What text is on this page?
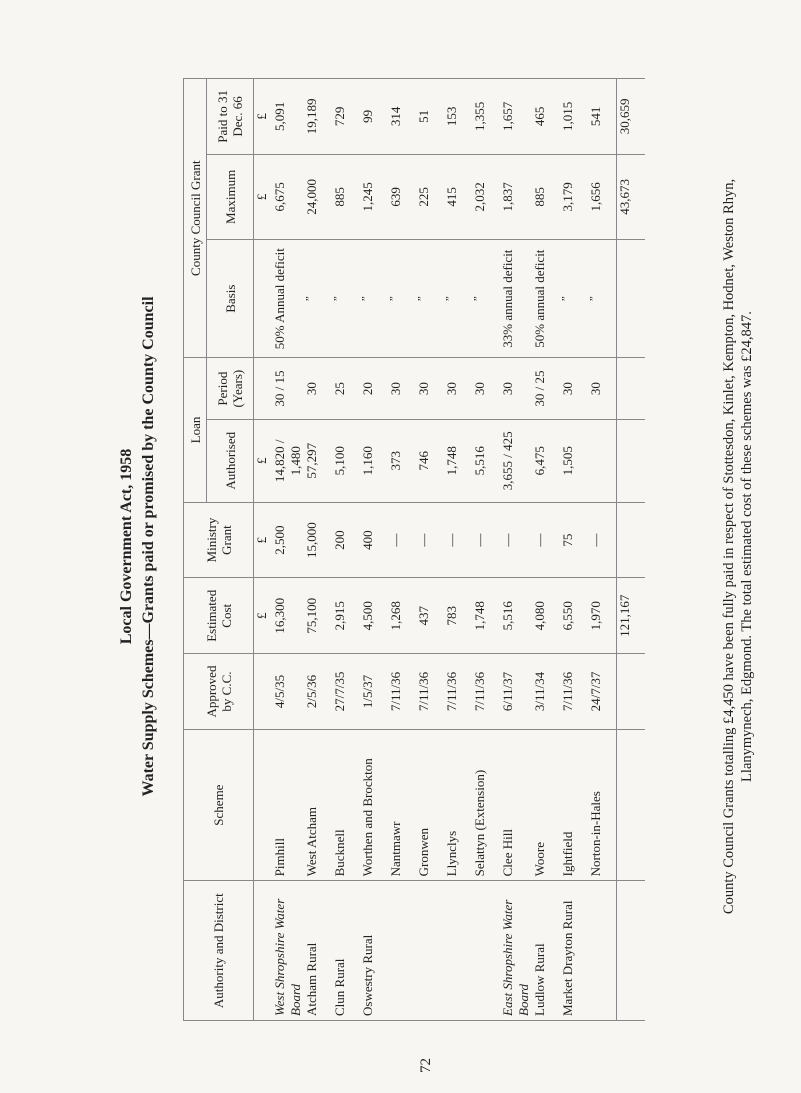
Local Government Act, 1958 Water Supply Schemes—Grants paid or promised by the County Council
Authority and District	Scheme	Approved by C.C.	Estimated Cost	Ministry Grant	Loan		County Council Grant		
					Authorised	Period (Years)	Basis	Maximum	Paid to 31 Dec. 66
			£	£	£			£	£
West Shropshire Water Board	Pimhill	4/5/35	16,300	2,500	14,820 / 1,480	30 / 15	50% Annual deficit	6,675	5,091
Atcham Rural	West Atcham	2/5/36	75,100	15,000	57,297	30	”	24,000	19,189
Clun Rural	Bucknell	27/7/35	2,915	200	5,100	25	”	885	729
Oswestry Rural	Worthen and Brockton	1/5/37	4,500	400	1,160	20	”	1,245	99
	Nantmawr	7/11/36	1,268	—	373	30	”	639	314
	Gronwen	7/11/36	437	—	746	30	”	225	51
	Llynclys	7/11/36	783	—	1,748	30	”	415	153
	Selattyn (Extension)	7/11/36	1,748	—	5,516	30	”	2,032	1,355
East Shropshire Water Board	Clee Hill	6/11/37	5,516	—	3,655 / 425	30	33% annual deficit	1,837	1,657
Ludlow Rural	Woore	3/11/34	4,080	—	6,475	30 / 25	50% annual deficit	885	465
Market Drayton Rural	Ightfield	7/11/36	6,550	75	1,505	30	”	3,179	1,015
	Norton-in-Hales	24/7/37	1,970	—		30	”	1,656	541
			121,167					43,673	30,659
72
County Council Grants totalling £4,450 have been fully paid in respect of Stottesdon, Kinlet, Kempton, Hodnet, Weston Rhyn, Llanymynech, Edgmond. The total estimated cost of these schemes was £24,847.
